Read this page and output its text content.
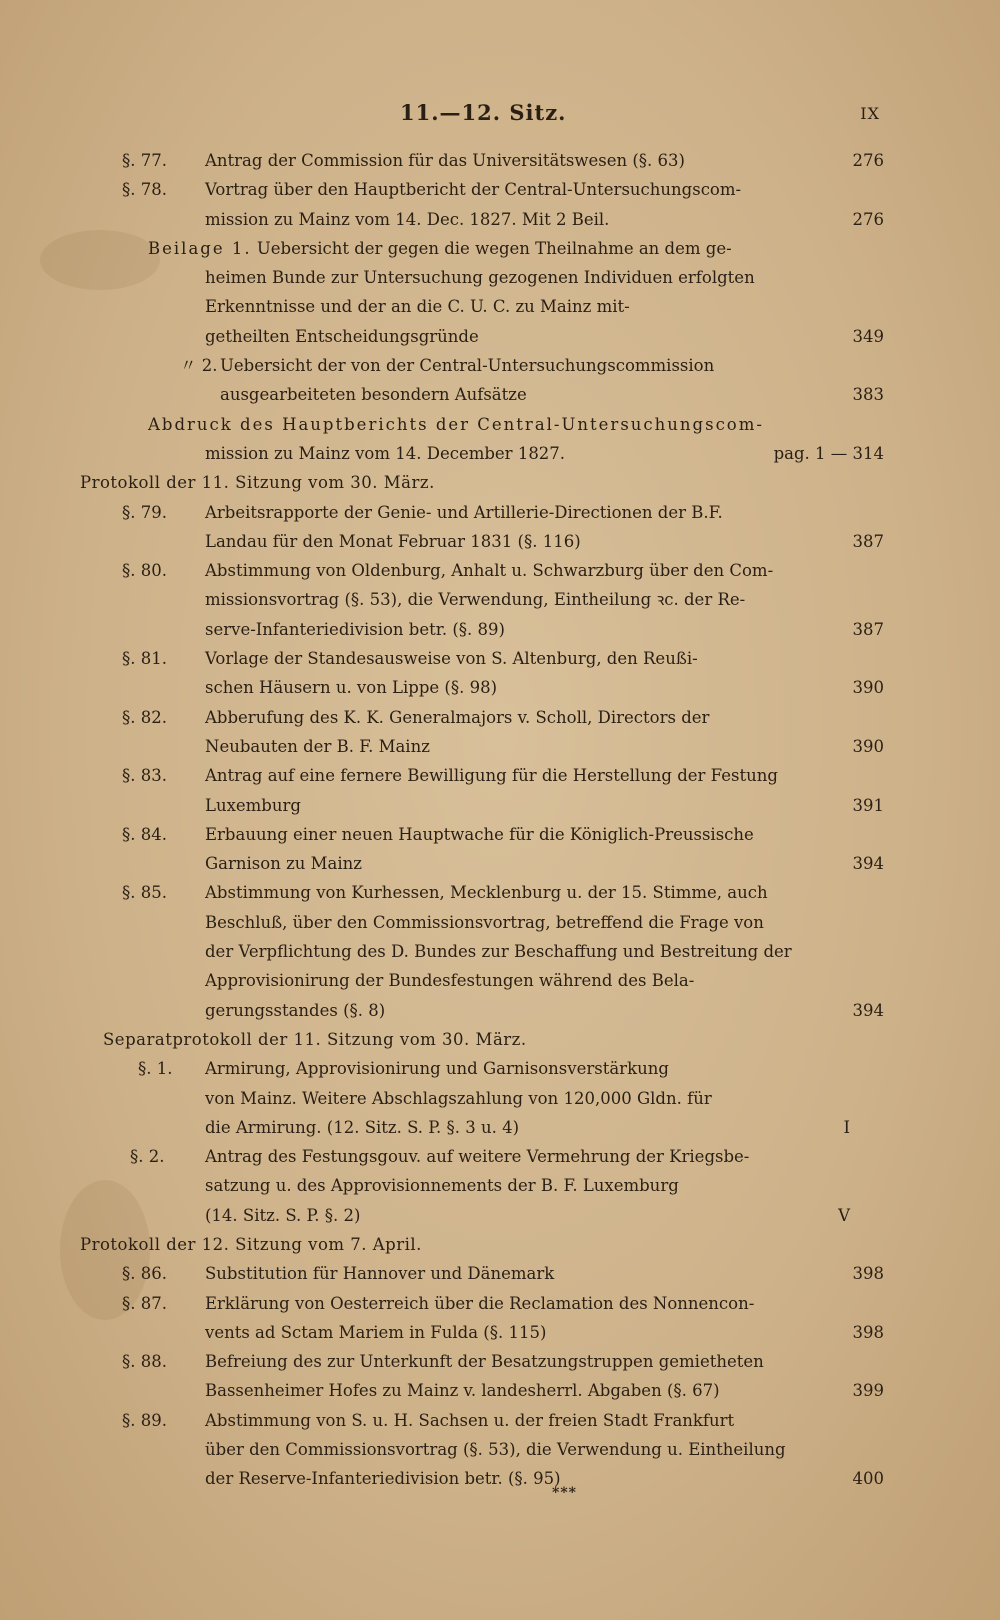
11.—12. Sitz.	IX
§. 77. Antrag der Commission für das Universitätswesen (§. 63)	276
§. 78. Vortrag über den Hauptbericht der Central-Untersuchungscom-
mission zu Mainz vom 14. Dec. 1827. Mit 2 Beil.	276
Beilage 1. Uebersicht der gegen die wegen Theilnahme an dem ge-
heimen Bunde zur Untersuchung gezogenen Individuen erfolgten
Erkenntnisse und der an die C. U. C. zu Mainz mit-
getheilten Entscheidungsgründe	349
〃 2. Uebersicht der von der Central-Untersuchungscommission
ausgearbeiteten besondern Aufsätze	383
Abdruck des Hauptberichts der Central-Untersuchungscom-
mission zu Mainz vom 14. December 1827.	pag. 1 — 314
Protokoll der 11. Sitzung vom 30. März.
§. 79. Arbeitsrapporte der Genie- und Artillerie-Directionen der B.F.
Landau für den Monat Februar 1831 (§. 116)	387
§. 80. Abstimmung von Oldenburg, Anhalt u. Schwarzburg über den Com-
missionsvortrag (§. 53), die Verwendung, Eintheilung ꝛc. der Re-
serve-Infanteriedivision betr. (§. 89)	387
§. 81. Vorlage der Standesausweise von S. Altenburg, den Reußi-
schen Häusern u. von Lippe (§. 98)	390
§. 82. Abberufung des K. K. Generalmajors v. Scholl, Directors der
Neubauten der B. F. Mainz	390
§. 83. Antrag auf eine fernere Bewilligung für die Herstellung der Festung
Luxemburg	391
§. 84. Erbauung einer neuen Hauptwache für die Königlich-Preussische
Garnison zu Mainz	394
§. 85. Abstimmung von Kurhessen, Mecklenburg u. der 15. Stimme, auch
Beschluß, über den Commissionsvortrag, betreffend die Frage von
der Verpflichtung des D. Bundes zur Beschaffung und Bestreitung der
Approvisionirung der Bundesfestungen während des Bela-
gerungsstandes (§. 8)	394
Separatprotokoll der 11. Sitzung vom 30. März.
§. 1. Armirung, Approvisionirung und Garnisonsverstärkung
von Mainz. Weitere Abschlagszahlung von 120,000 Gldn. für
die Armirung. (12. Sitz. S. P. §. 3 u. 4)	I
§. 2. Antrag des Festungsgouv. auf weitere Vermehrung der Kriegsbe-
satzung u. des Approvisionnements der B. F. Luxemburg
(14. Sitz. S. P. §. 2)	V
Protokoll der 12. Sitzung vom 7. April.
§. 86. Substitution für Hannover und Dänemark	398
§. 87. Erklärung von Oesterreich über die Reclamation des Nonnencon-
vents ad Sctam Mariem in Fulda (§. 115)	398
§. 88. Befreiung des zur Unterkunft der Besatzungstruppen gemietheten
Bassenheimer Hofes zu Mainz v. landesherrl. Abgaben (§. 67)	399
§. 89. Abstimmung von S. u. H. Sachsen u. der freien Stadt Frankfurt
über den Commissionsvortrag (§. 53), die Verwendung u. Eintheilung
der Reserve-Infanteriedivision betr. (§. 95)	400
***
